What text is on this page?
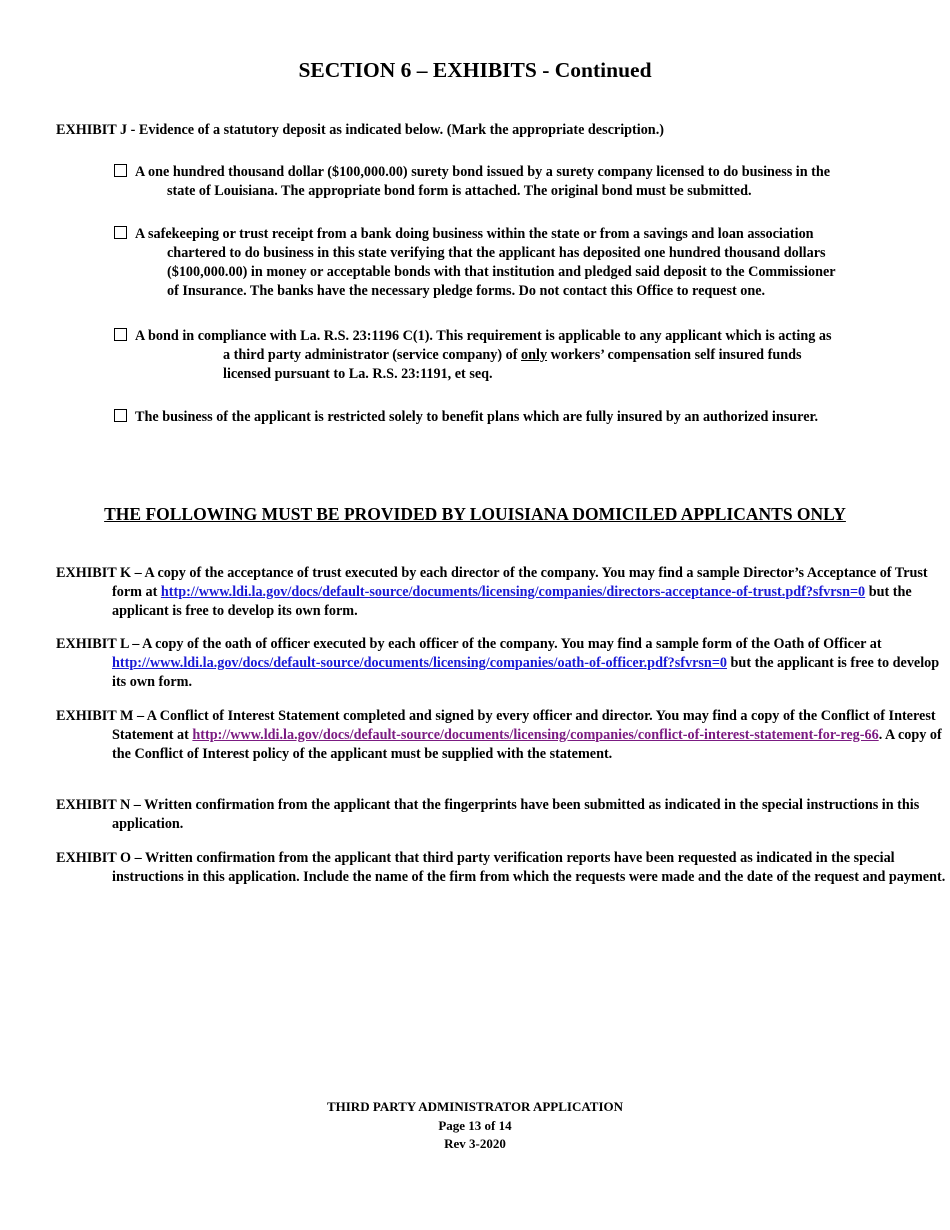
SECTION 6 – EXHIBITS - Continued
EXHIBIT J - Evidence of a statutory deposit as indicated below. (Mark the appropriate description.)
A one hundred thousand dollar ($100,000.00) surety bond issued by a surety company licensed to do business in the
state of Louisiana. The appropriate bond form is attached. The original bond must be submitted.
A safekeeping or trust receipt from a bank doing business within the state or from a savings and loan association
chartered to do business in this state verifying that the applicant has deposited one hundred thousand dollars
($100,000.00) in money or acceptable bonds with that institution and pledged said deposit to the Commissioner
of Insurance. The banks have the necessary pledge forms. Do not contact this Office to request one.
A bond in compliance with La. R.S. 23:1196 C(1). This requirement is applicable to any applicant which is acting as
a third party administrator (service company) of only workers’ compensation self insured funds
licensed pursuant to La. R.S. 23:1191, et seq.
The business of the applicant is restricted solely to benefit plans which are fully insured by an authorized insurer.
THE FOLLOWING MUST BE PROVIDED BY LOUISIANA DOMICILED APPLICANTS ONLY
EXHIBIT K – A copy of the acceptance of trust executed by each director of the company. You may find a sample Director’s Acceptance of Trust form at http://www.ldi.la.gov/docs/default-source/documents/licensing/companies/directors-acceptance-of-trust.pdf?sfvrsn=0 but the applicant is free to develop its own form.
EXHIBIT L – A copy of the oath of officer executed by each officer of the company. You may find a sample form of the Oath of Officer at http://www.ldi.la.gov/docs/default-source/documents/licensing/companies/oath-of-officer.pdf?sfvrsn=0 but the applicant is free to develop its own form.
EXHIBIT M – A Conflict of Interest Statement completed and signed by every officer and director. You may find a copy of the Conflict of Interest Statement at http://www.ldi.la.gov/docs/default-source/documents/licensing/companies/conflict-of-interest-statement-for-reg-66. A copy of the Conflict of Interest policy of the applicant must be supplied with the statement.
EXHIBIT N – Written confirmation from the applicant that the fingerprints have been submitted as indicated in the special instructions in this application.
EXHIBIT O – Written confirmation from the applicant that third party verification reports have been requested as indicated in the special instructions in this application. Include the name of the firm from which the requests were made and the date of the request and payment.
THIRD PARTY ADMINISTRATOR APPLICATION
Page 13 of 14
Rev 3-2020
